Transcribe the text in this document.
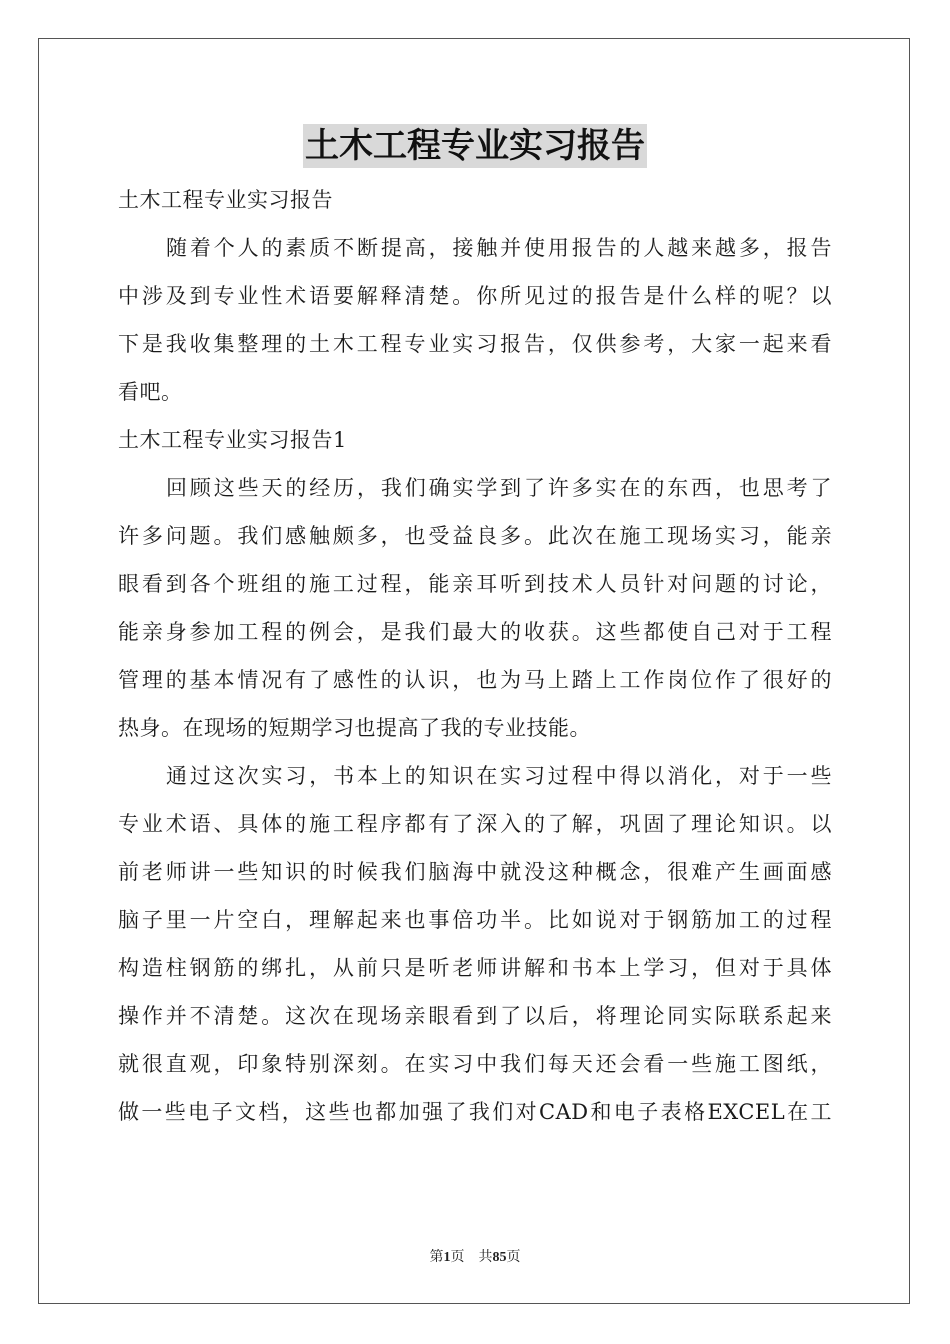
土木工程专业实习报告
土木工程专业实习报告
随着个人的素质不断提高，接触并使用报告的人越来越多，报告
中涉及到专业性术语要解释清楚。你所见过的报告是什么样的呢？以
下是我收集整理的土木工程专业实习报告，仅供参考，大家一起来看
看吧。
土木工程专业实习报告1
回顾这些天的经历，我们确实学到了许多实在的东西，也思考了
许多问题。我们感触颇多，也受益良多。此次在施工现场实习，能亲
眼看到各个班组的施工过程，能亲耳听到技术人员针对问题的讨论，
能亲身参加工程的例会，是我们最大的收获。这些都使自己对于工程
管理的基本情况有了感性的认识，也为马上踏上工作岗位作了很好的
热身。在现场的短期学习也提高了我的专业技能。
通过这次实习，书本上的知识在实习过程中得以消化，对于一些
专业术语、具体的施工程序都有了深入的了解，巩固了理论知识。以
前老师讲一些知识的时候我们脑海中就没这种概念，很难产生画面感
脑子里一片空白，理解起来也事倍功半。比如说对于钢筋加工的过程
构造柱钢筋的绑扎，从前只是听老师讲解和书本上学习，但对于具体
操作并不清楚。这次在现场亲眼看到了以后，将理论同实际联系起来
就很直观，印象特别深刻。在实习中我们每天还会看一些施工图纸，
做一些电子文档，这些也都加强了我们对CAD和电子表格EXCEL在工
第1页 共85页
